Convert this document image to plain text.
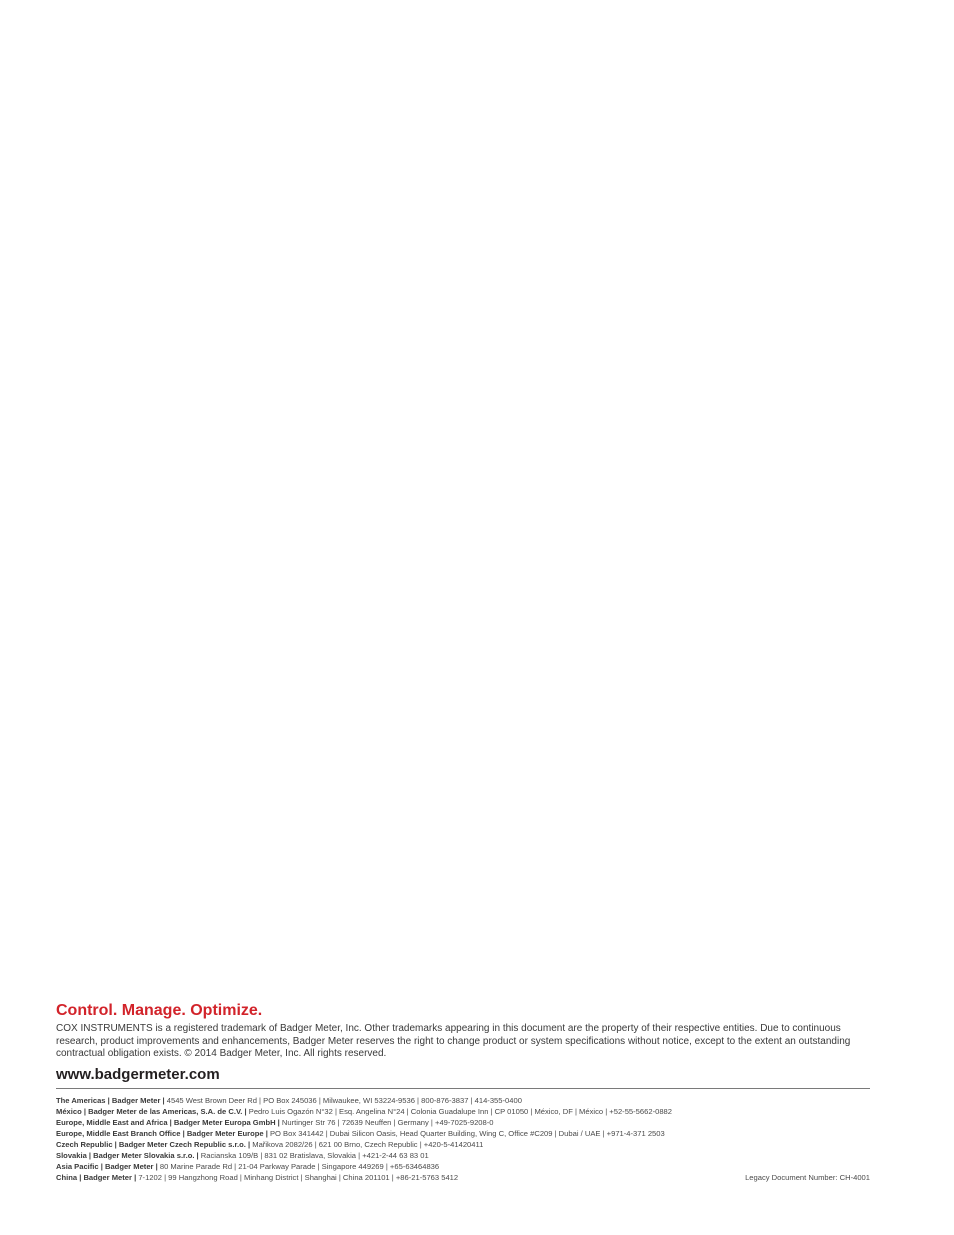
Control. Manage. Optimize.

COX INSTRUMENTS is a registered trademark of Badger Meter, Inc. Other trademarks appearing in this document are the property of their respective entities. Due to continuous research, product improvements and enhancements, Badger Meter reserves the right to change product or system specifications without notice, except to the extent an outstanding contractual obligation exists. © 2014 Badger Meter, Inc. All rights reserved.

www.badgermeter.com
The Americas | Badger Meter | 4545 West Brown Deer Rd | PO Box 245036 | Milwaukee, WI 53224-9536 | 800-876-3837 | 414-355-0400
México | Badger Meter de las Americas, S.A. de C.V. | Pedro Luis Ogazón N°32 | Esq. Angelina N°24 | Colonia Guadalupe Inn | CP 01050 | México, DF | México | +52-55-5662-0882
Europe, Middle East and Africa | Badger Meter Europa GmbH | Nurtinger Str 76 | 72639 Neuffen | Germany | +49-7025-9208-0
Europe, Middle East Branch Office | Badger Meter Europe | PO Box 341442 | Dubai Silicon Oasis, Head Quarter Building, Wing C, Office #C209 | Dubai / UAE | +971-4-371 2503
Czech Republic | Badger Meter Czech Republic s.r.o. | Mařikova 2082/26 | 621 00 Brno, Czech Republic | +420-5-41420411
Slovakia | Badger Meter Slovakia s.r.o. | Racianska 109/B | 831 02 Bratislava, Slovakia | +421-2-44 63 83 01
Asia Pacific | Badger Meter | 80 Marine Parade Rd | 21-04 Parkway Parade | Singapore 449269 | +65-63464836
China | Badger Meter | 7-1202 | 99 Hangzhong Road | Minhang District | Shanghai | China 201101 | +86-21-5763 5412	Legacy Document Number: CH-4001
